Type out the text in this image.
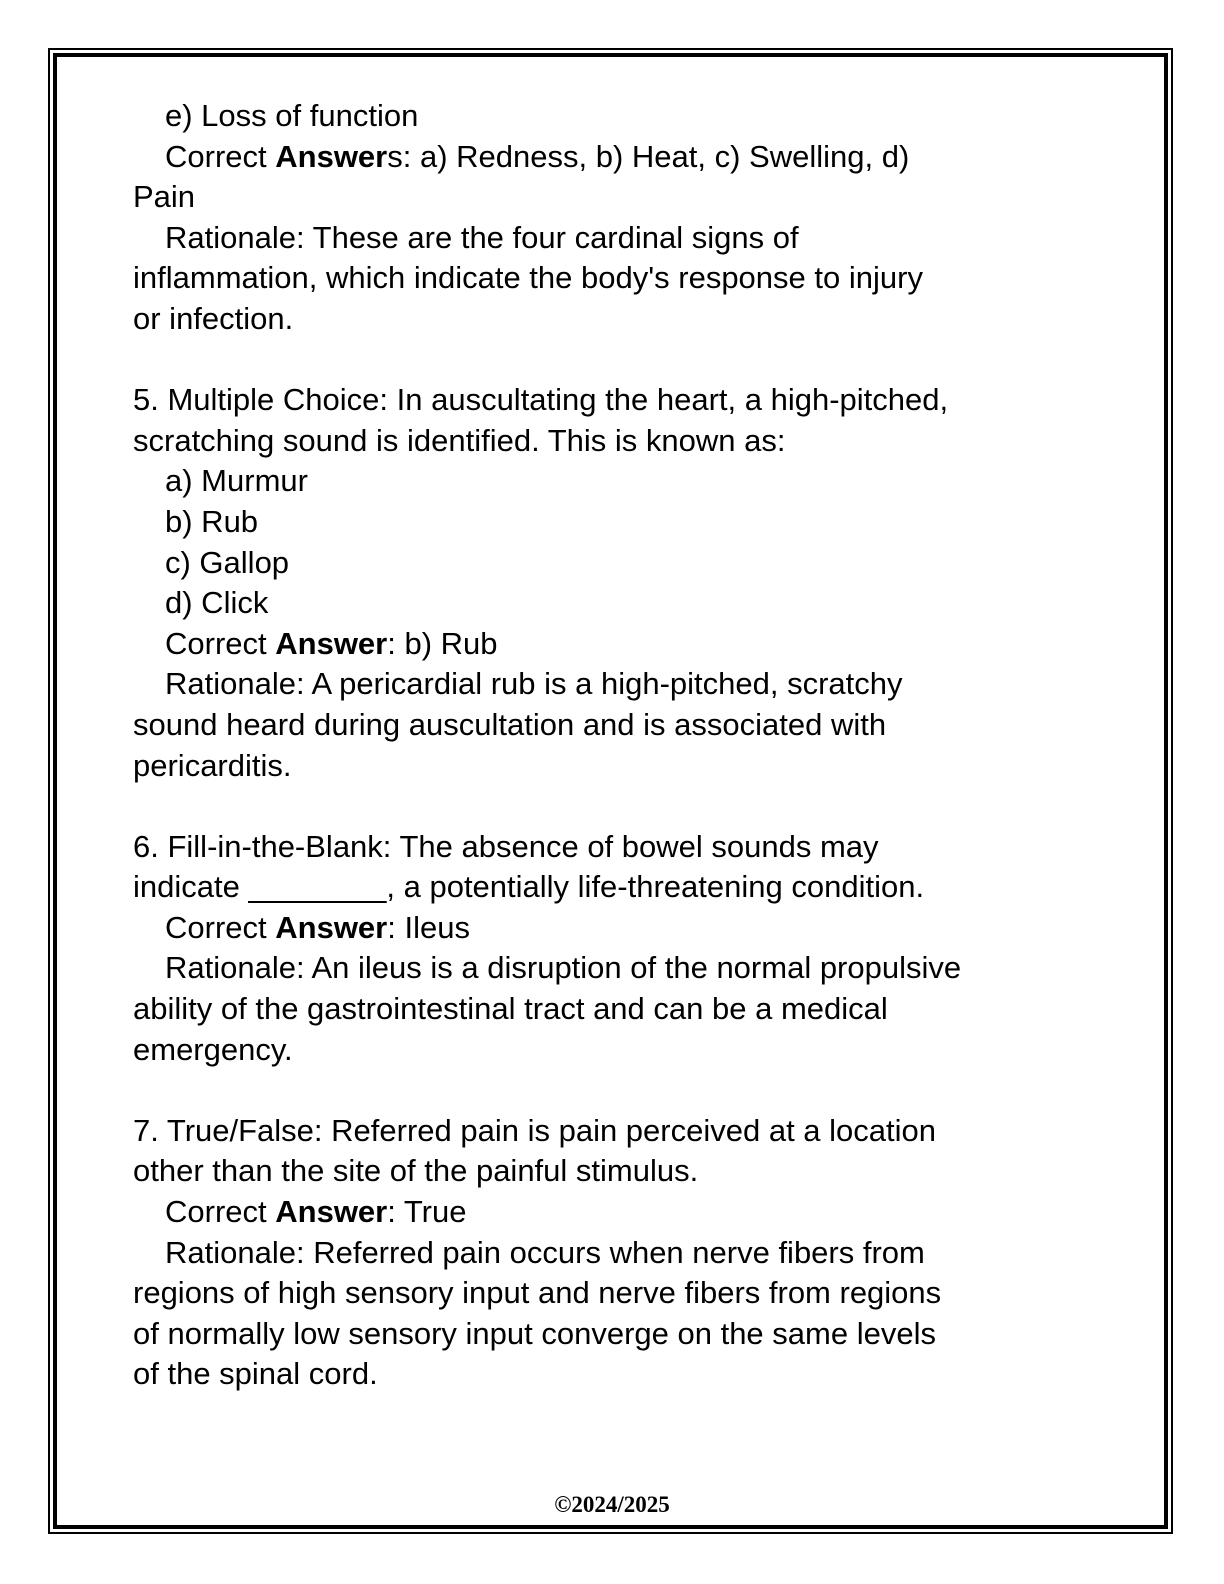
e) Loss of function
Correct Answers: a) Redness, b) Heat, c) Swelling, d)
Pain
Rationale: These are the four cardinal signs of
inflammation, which indicate the body's response to injury
or infection.

5. Multiple Choice: In auscultating the heart, a high-pitched,
scratching sound is identified. This is known as:
a) Murmur
b) Rub
c) Gallop
d) Click
Correct Answer: b) Rub
Rationale: A pericardial rub is a high-pitched, scratchy
sound heard during auscultation and is associated with
pericarditis.

6. Fill-in-the-Blank: The absence of bowel sounds may
indicate ________, a potentially life-threatening condition.
Correct Answer: Ileus
Rationale: An ileus is a disruption of the normal propulsive
ability of the gastrointestinal tract and can be a medical
emergency.

7. True/False: Referred pain is pain perceived at a location
other than the site of the painful stimulus.
Correct Answer: True
Rationale: Referred pain occurs when nerve fibers from
regions of high sensory input and nerve fibers from regions
of normally low sensory input converge on the same levels
of the spinal cord.
©2024/2025
